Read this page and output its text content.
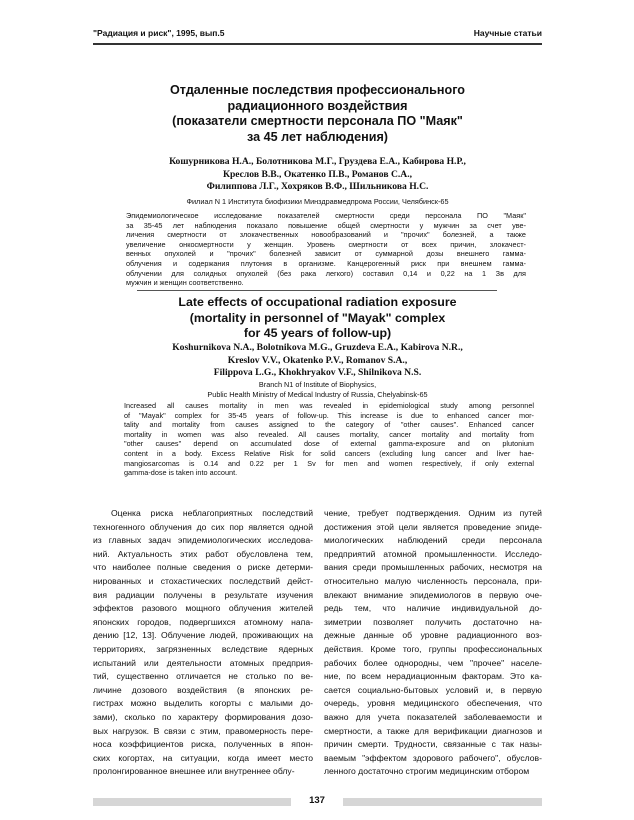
"Радиация и риск", 1995, вып.5	Научные статьи
Отдаленные последствия профессионального
радиационного воздействия
(показатели смертности персонала ПО "Маяк"
за 45 лет наблюдения)
Кошурникова Н.А., Болотникова М.Г., Груздева Е.А., Кабирова Н.Р.,
Креслов В.В., Окатенко П.В., Романов С.А.,
Филиппова Л.Г., Хохряков В.Ф., Шильникова Н.С.
Филиал N 1 Института биофизики Минздравмедпрома России, Челябинск-65
Эпидемиологическое исследование показателей смертности среди персонала ПО "Маяк"
за 35-45 лет наблюдения показало повышение общей смертности у мужчин за счет уве-
личения смертности от злокачественных новообразований и "прочих" болезней, а также
увеличение онкосмертности у женщин. Уровень смертности от всех причин, злокачест-
венных опухолей и "прочих" болезней зависит от суммарной дозы внешнего гамма-
облучения и содержания плутония в организме. Канцерогенный риск при внешнем гамма-
облучении для солидных опухолей (без рака легкого) составил 0,14 и 0,22 на 1 Зв для
мужчин и женщин соответственно.
Late effects of occupational radiation exposure
(mortality in personnel of "Mayak" complex
for 45 years of follow-up)
Koshurnikova N.A., Bolotnikova M.G., Gruzdeva E.A., Kabirova N.R.,
Kreslov V.V., Okatenko P.V., Romanov S.A.,
Filippova L.G., Khokhryakov V.F., Shilnikova N.S.
Branch N1 of Institute of Biophysics,
Public Health Ministry of Medical Industry of Russia, Chelyabinsk-65
Increased all causes mortality in men was revealed in epidemiological study among personnel
of "Mayak" complex for 35-45 years of follow-up. This increase is due to enhanced cancer mor-
tality and mortality from causes assigned to the category of "other causes". Enhanced cancer
mortality in women was also revealed. All causes mortality, cancer mortality and mortality from
"other causes" depend on accumulated dose of external gamma-exposure and on plutonium
content in a body. Excess Relative Risk for solid cancers (excluding lung cancer and liver hae-
mangiosarcomas is 0.14 and 0.22 per 1 Sv for men and women respectively, if only external
gamma-dose is taken into account.

Оценка риска неблагоприятных последствий

техногенного облучения до сих пор является одной

из главных задач эпидемиологических исследова-

ний. Актуальность этих работ обусловлена тем,

что наиболее полные сведения о риске детерми-

нированных и стохастических последствий дейст-

вия радиации получены в результате изучения

эффектов разового мощного облучения жителей

японских городов, подвергшихся атомному напа-

дению [12, 13]. Облучение людей, проживающих на

территориях, загрязненных вследствие ядерных

испытаний или деятельности атомных предприя-

тий, существенно отличается не столько по ве-

личине дозового воздействия (в японских ре-

гистрах можно выделить когорты с малыми до-

зами), сколько по характеру формирования дозо-

вых нагрузок. В связи с этим, правомерность пере-

носа коэффициентов риска, полученных в япон-

ских когортах, на ситуации, когда имеет место

пролонгированное внешнее или внутреннее облу-

чение, требует подтверждения. Одним из путей

достижения этой цели является проведение эпиде-

миологических наблюдений среди персонала

предприятий атомной промышленности. Исследо-

вания среди промышленных рабочих, несмотря на

относительно малую численность персонала, при-

влекают внимание эпидемиологов в первую оче-

редь тем, что наличие индивидуальной до-

зиметрии позволяет получить достаточно на-

дежные данные об уровне радиационного воз-

действия. Кроме того, группы профессиональных

рабочих более однородны, чем "прочее" населе-

ние, по всем нерадиационным факторам. Это ка-

сается социально-бытовых условий и, в первую

очередь, уровня медицинского обеспечения, что

важно для учета показателей заболеваемости и

смертности, а также для верификации диагнозов и

причин смерти. Трудности, связанные с так назы-

ваемым "эффектом здорового рабочего", обуслов-

ленного достаточно строгим медицинским отбором

137
